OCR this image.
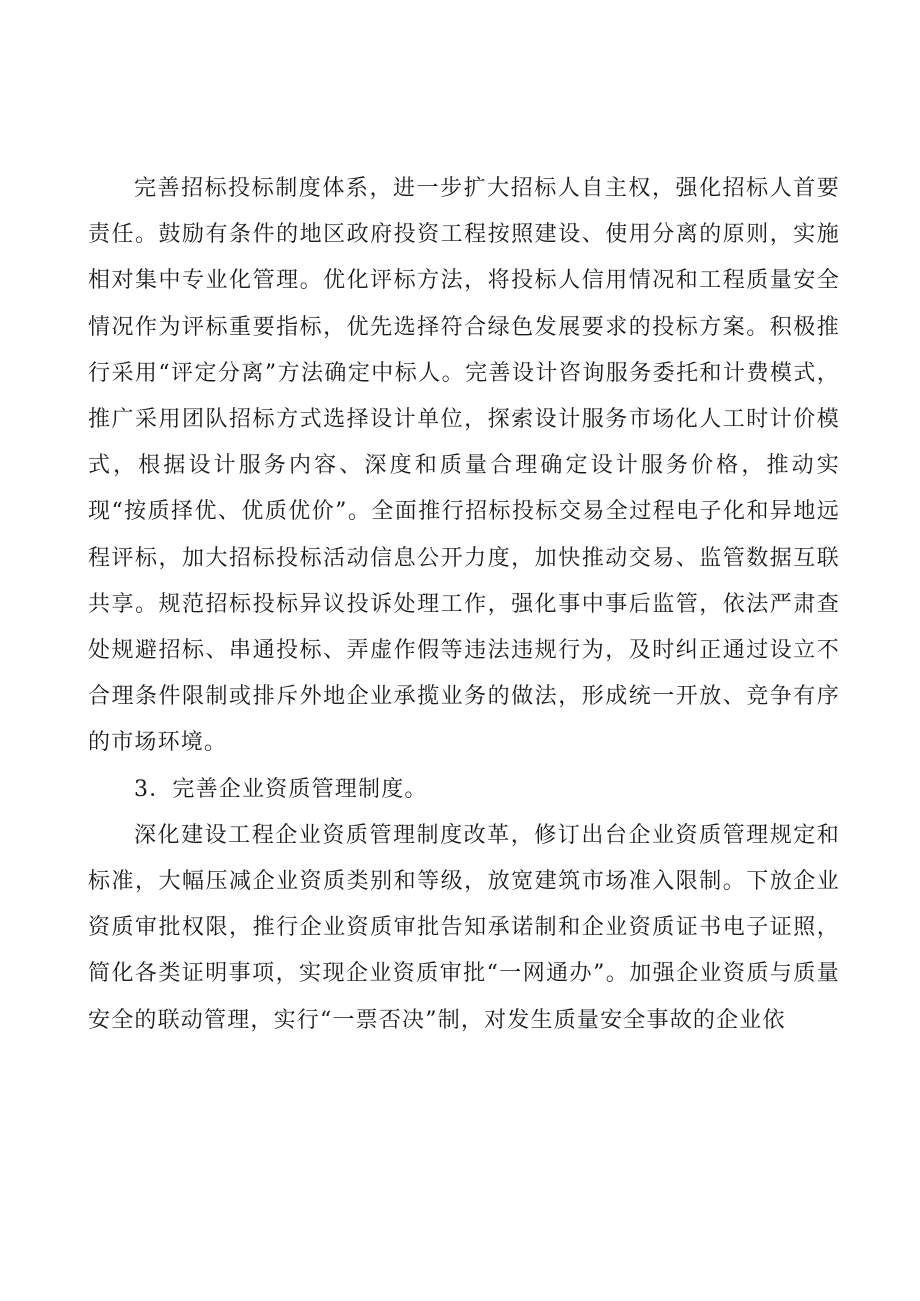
完善招标投标制度体系，进一步扩大招标人自主权，强化招标人首要责任。鼓励有条件的地区政府投资工程按照建设、使用分离的原则，实施相对集中专业化管理。优化评标方法，将投标人信用情况和工程质量安全情况作为评标重要指标，优先选择符合绿色发展要求的投标方案。积极推行采用“评定分离”方法确定中标人。完善设计咨询服务委托和计费模式，推广采用团队招标方式选择设计单位，探索设计服务市场化人工时计价模式，根据设计服务内容、深度和质量合理确定设计服务价格，推动实现“按质择优、优质优价”。全面推行招标投标交易全过程电子化和异地远程评标，加大招标投标活动信息公开力度，加快推动交易、监管数据互联共享。规范招标投标异议投诉处理工作，强化事中事后监管，依法严肃查处规避招标、串通投标、弄虚作假等违法违规行为，及时纠正通过设立不合理条件限制或排斥外地企业承揽业务的做法，形成统一开放、竞争有序的市场环境。

3．完善企业资质管理制度。

深化建设工程企业资质管理制度改革，修订出台企业资质管理规定和标准，大幅压减企业资质类别和等级，放宽建筑市场准入限制。下放企业资质审批权限，推行企业资质审批告知承诺制和企业资质证书电子证照，简化各类证明事项，实现企业资质审批“一网通办”。加强企业资质与质量安全的联动管理，实行“一票否决”制，对发生质量安全事故的企业依
